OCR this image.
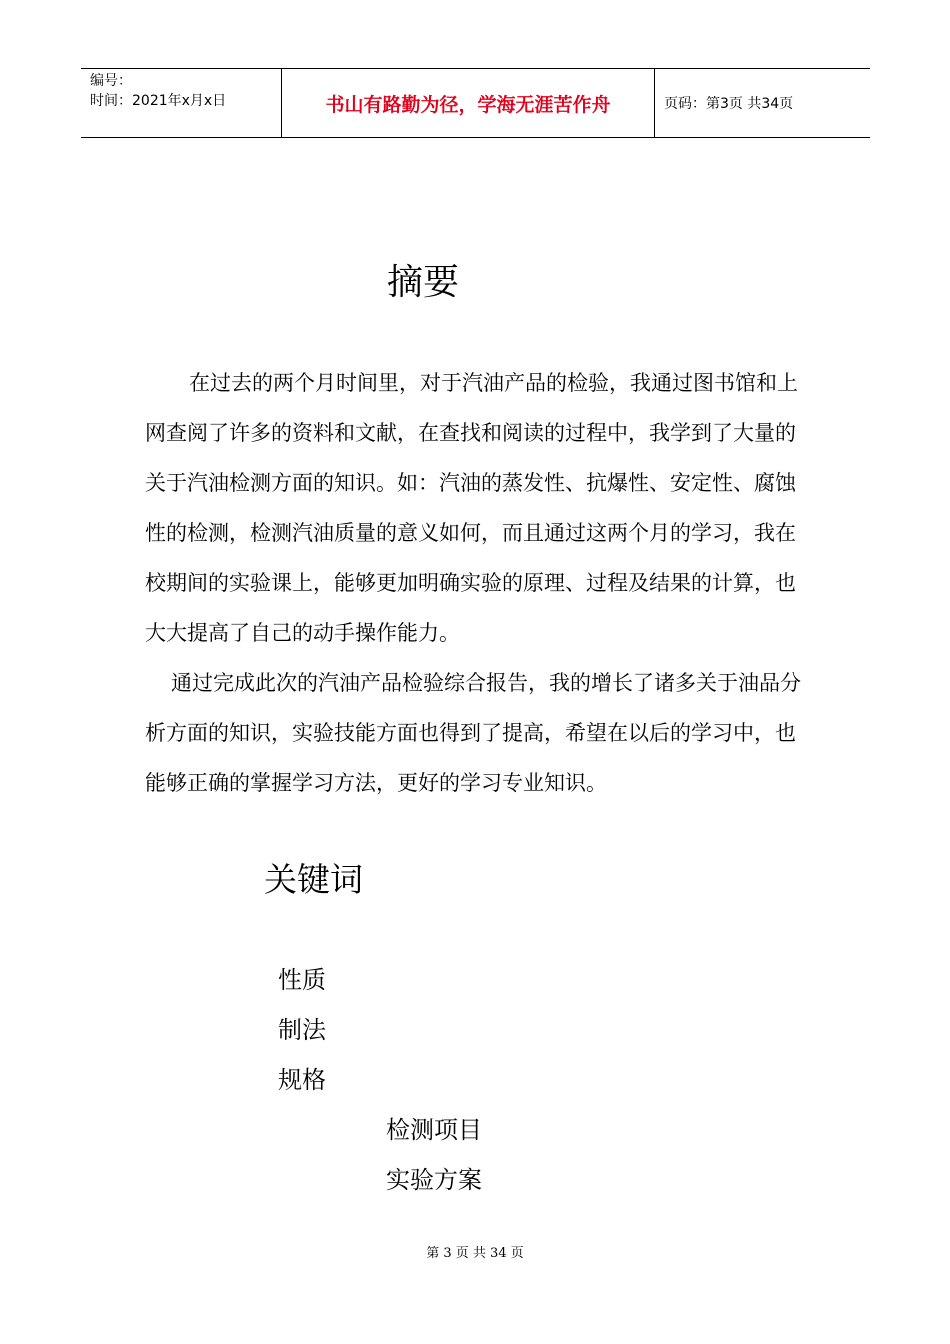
编号：
时间：2021年x月x日	书山有路勤为径，学海无涯苦作舟	页码：第3页 共34页
摘要

在过去的两个月时间里，对于汽油产品的检验，我通过图书馆和上网查阅了许多的资料和文献，在查找和阅读的过程中，我学到了大量的关于汽油检测方面的知识。如：汽油的蒸发性、抗爆性、安定性、腐蚀性的检测，检测汽油质量的意义如何，而且通过这两个月的学习，我在校期间的实验课上，能够更加明确实验的原理、过程及结果的计算，也大大提高了自己的动手操作能力。

通过完成此次的汽油产品检验综合报告，我的增长了诸多关于油品分析方面的知识，实验技能方面也得到了提高，希望在以后的学习中，也能够正确的掌握学习方法，更好的学习专业知识。

关键词
性质
制法
规格
检测项目
实验方案
第 3 页 共 34 页
